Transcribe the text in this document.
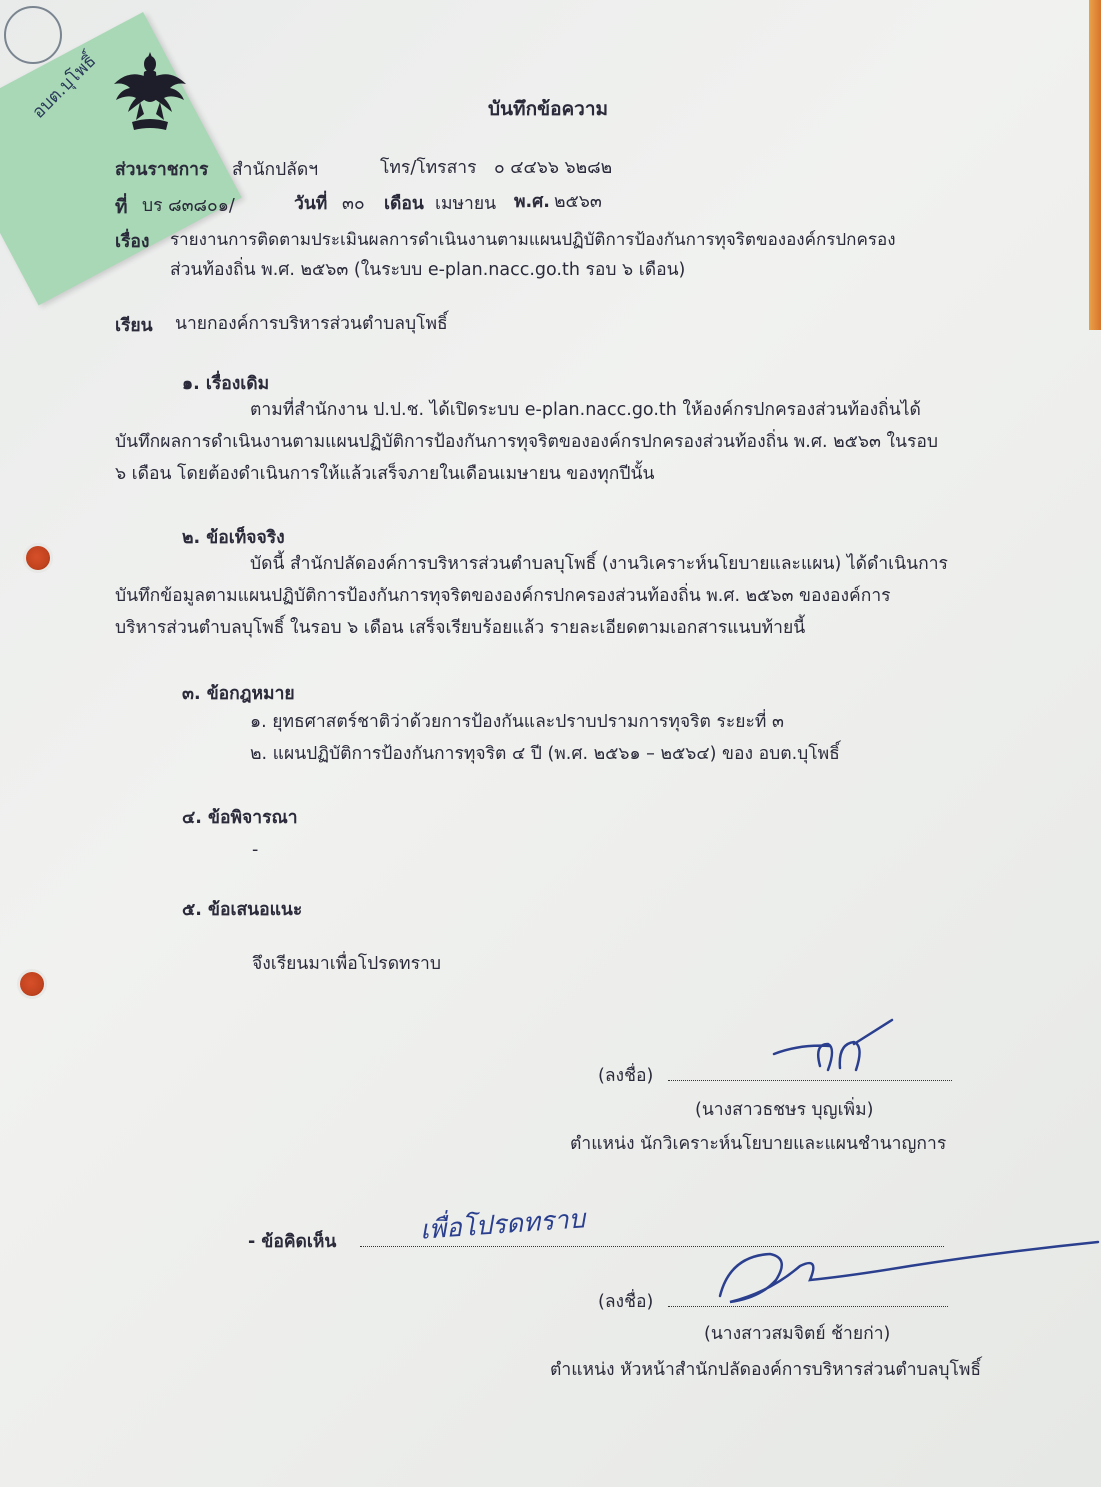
อบต.บุโพธิ์	บันทึกข้อความ
ส่วนราชการ สำนักปลัดฯ	โทร/โทรสาร ๐ ๔๔๖๖ ๖๒๘๒
ที่ บร ๘๓๘๐๑/	วันที่ ๓๐ เดือน เมษายน พ.ศ. ๒๕๖๓
เรื่อง รายงานการติดตามประเมินผลการดำเนินงานตามแผนปฏิบัติการป้องกันการทุจริตขององค์กรปกครอง
ส่วนท้องถิ่น พ.ศ. ๒๕๖๓ (ในระบบ e-plan.nacc.go.th รอบ ๖ เดือน)
เรียน นายกองค์การบริหารส่วนตำบลบุโพธิ์
๑. เรื่องเดิม
ตามที่สำนักงาน ป.ป.ช. ได้เปิดระบบ e-plan.nacc.go.th ให้องค์กรปกครองส่วนท้องถิ่นได้
บันทึกผลการดำเนินงานตามแผนปฏิบัติการป้องกันการทุจริตขององค์กรปกครองส่วนท้องถิ่น พ.ศ. ๒๕๖๓ ในรอบ
๖ เดือน โดยต้องดำเนินการให้แล้วเสร็จภายในเดือนเมษายน ของทุกปีนั้น
๒. ข้อเท็จจริง
บัดนี้ สำนักปลัดองค์การบริหารส่วนตำบลบุโพธิ์ (งานวิเคราะห์นโยบายและแผน) ได้ดำเนินการ
บันทึกข้อมูลตามแผนปฏิบัติการป้องกันการทุจริตขององค์กรปกครองส่วนท้องถิ่น พ.ศ. ๒๕๖๓ ขององค์การ
บริหารส่วนตำบลบุโพธิ์ ในรอบ ๖ เดือน เสร็จเรียบร้อยแล้ว รายละเอียดตามเอกสารแนบท้ายนี้
๓. ข้อกฎหมาย
๑. ยุทธศาสตร์ชาติว่าด้วยการป้องกันและปราบปรามการทุจริต ระยะที่ ๓
๒. แผนปฏิบัติการป้องกันการทุจริต ๔ ปี (พ.ศ. ๒๕๖๑ – ๒๕๖๔) ของ อบต.บุโพธิ์
๔. ข้อพิจารณา
-
๕. ข้อเสนอแนะ
จึงเรียนมาเพื่อโปรดทราบ
(ลงชื่อ)
(นางสาวธชษร บุญเพิ่ม)
ตำแหน่ง นักวิเคราะห์นโยบายและแผนชำนาญการ
- ข้อคิดเห็น	เพื่อโปรดทราบ
(ลงชื่อ)
(นางสาวสมจิตย์ ช้ายก่า)
ตำแหน่ง หัวหน้าสำนักปลัดองค์การบริหารส่วนตำบลบุโพธิ์
